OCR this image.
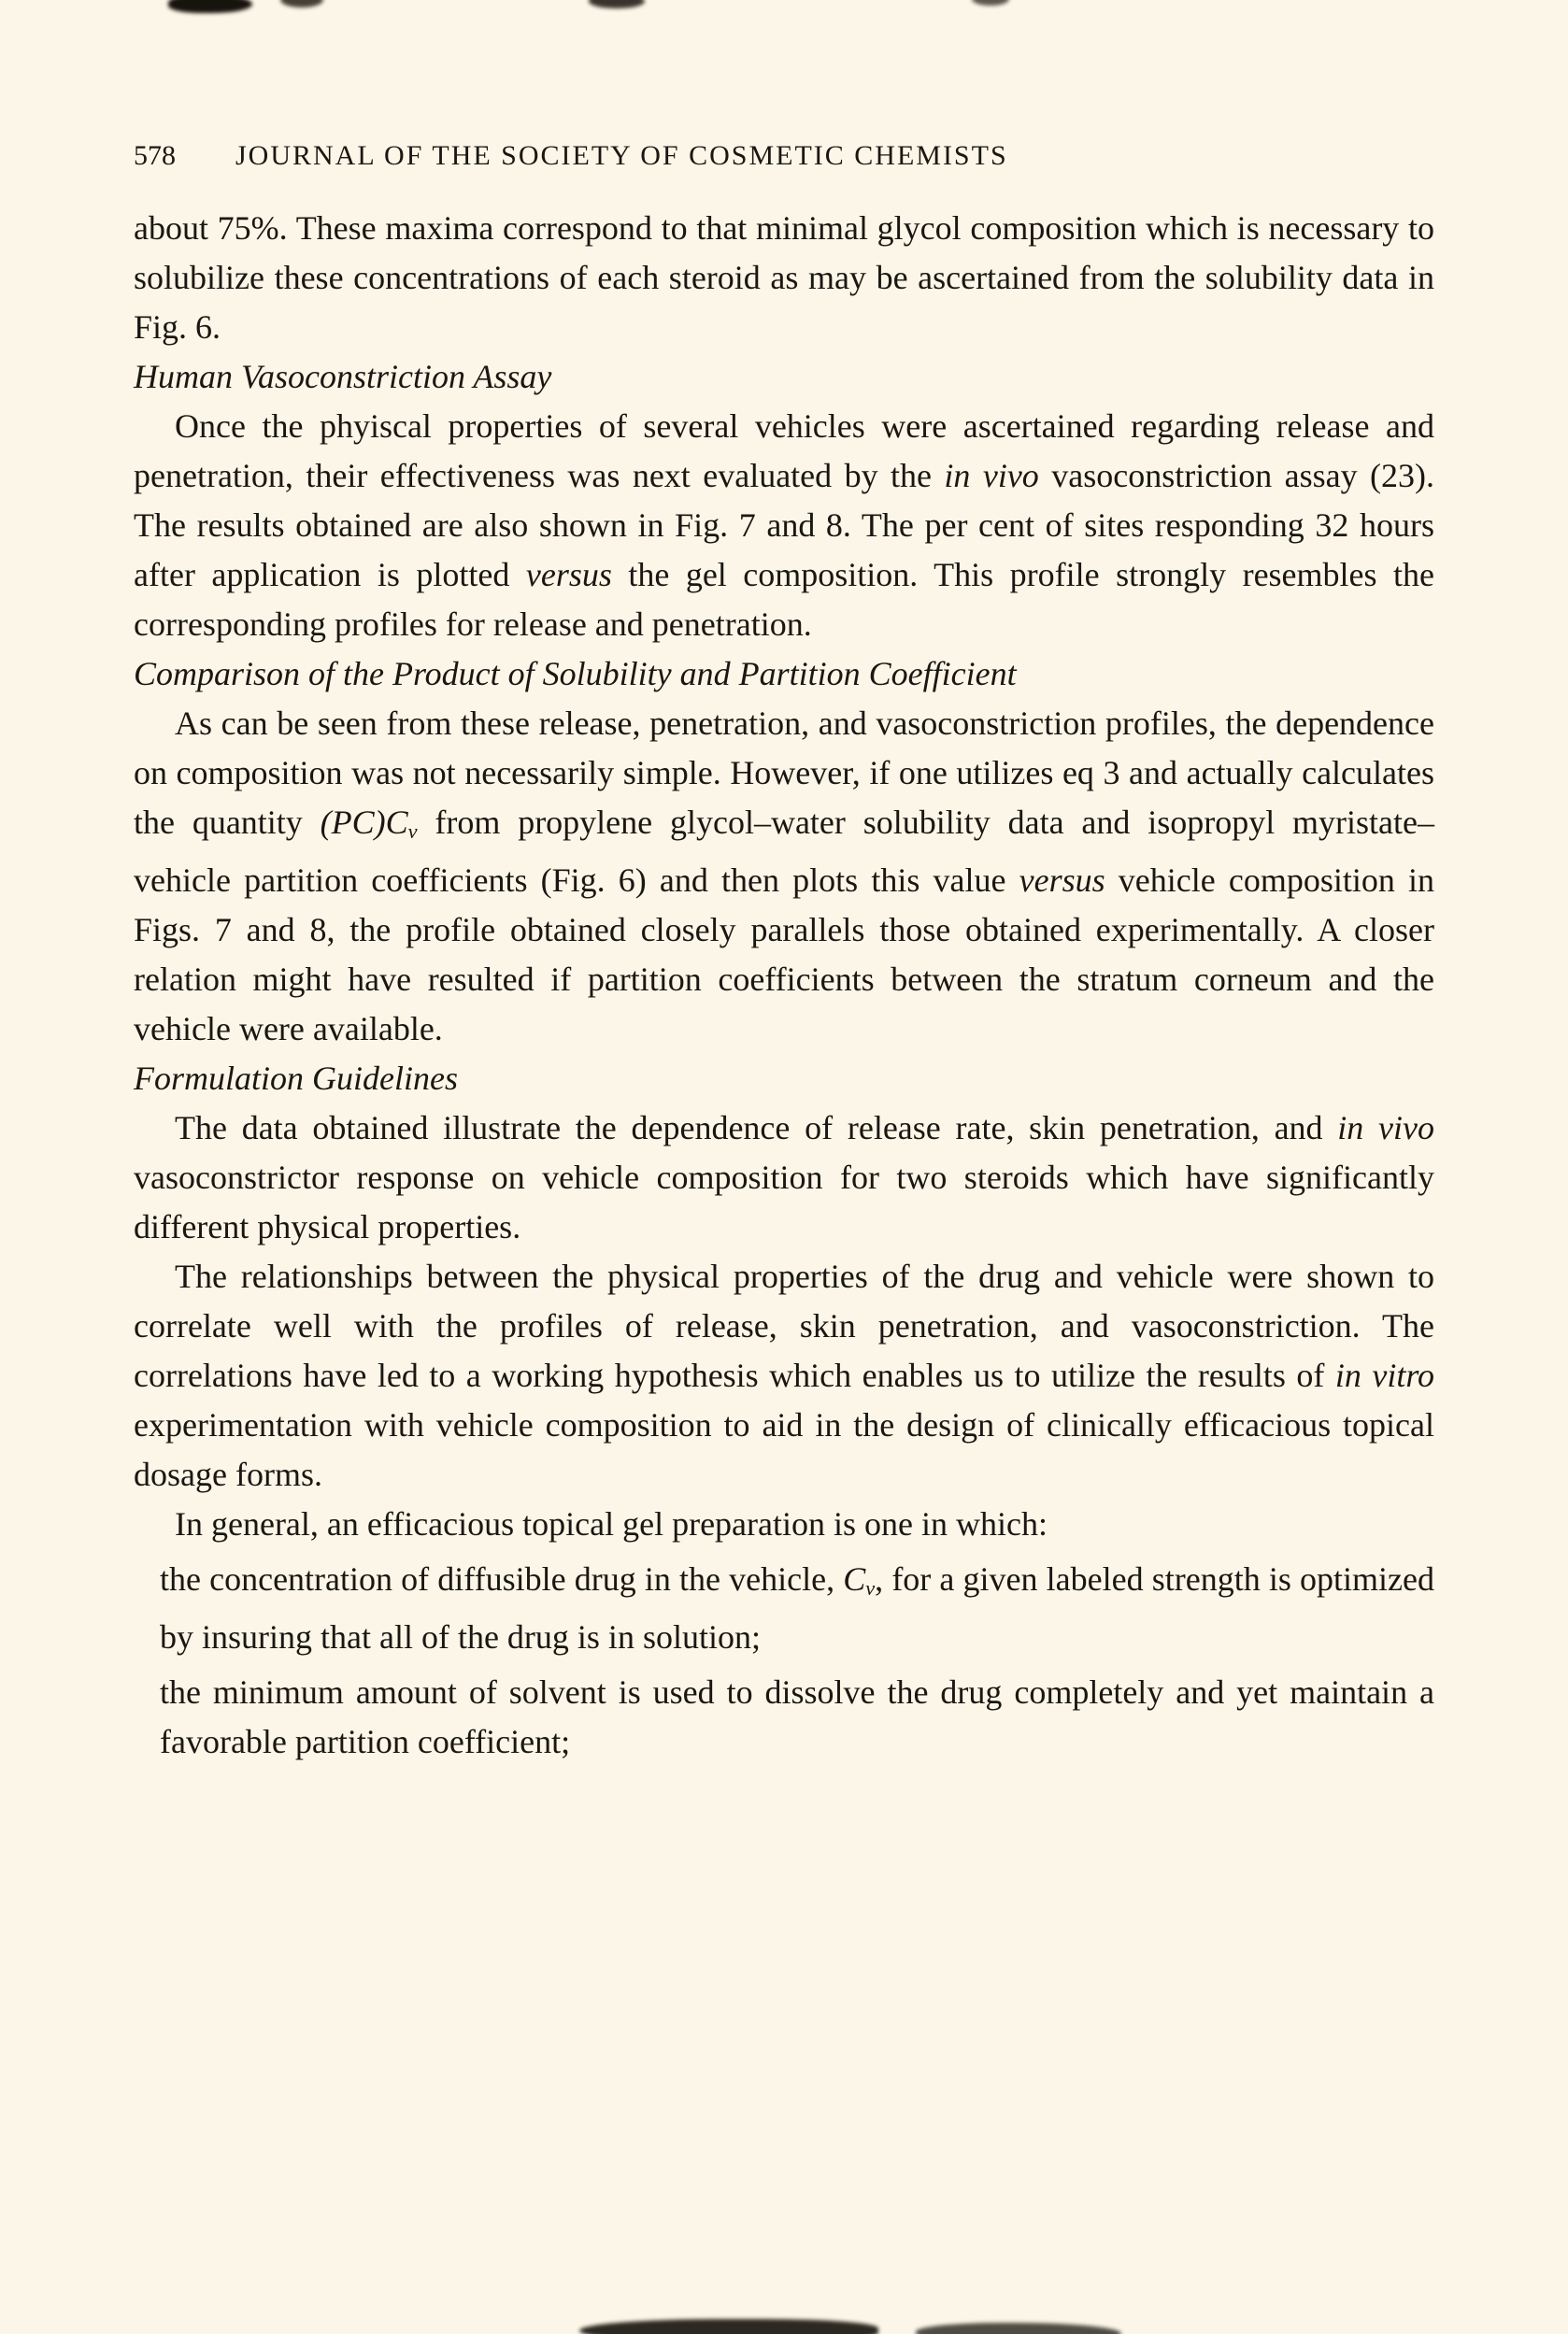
578 JOURNAL OF THE SOCIETY OF COSMETIC CHEMISTS

about 75%. These maxima correspond to that minimal glycol composition which is necessary to solubilize these concentrations of each steroid as may be ascertained from the solubility data in Fig. 6.

Human Vasoconstriction Assay

Once the phyiscal properties of several vehicles were ascertained regarding release and penetration, their effectiveness was next evaluated by the in vivo vasoconstriction assay (23). The results obtained are also shown in Fig. 7 and 8. The per cent of sites responding 32 hours after application is plotted versus the gel composition. This profile strongly resembles the corresponding profiles for release and penetration.

Comparison of the Product of Solubility and Partition Coefficient

As can be seen from these release, penetration, and vasoconstriction profiles, the dependence on composition was not necessarily simple. However, if one utilizes eq 3 and actually calculates the quantity $(PC)C_v$ from propylene glycol–water solubility data and isopropyl myristate–vehicle partition coefficients (Fig. 6) and then plots this value versus vehicle composition in Figs. 7 and 8, the profile obtained closely parallels those obtained experimentally. A closer relation might have resulted if partition coefficients between the stratum corneum and the vehicle were available.

Formulation Guidelines

The data obtained illustrate the dependence of release rate, skin penetration, and in vivo vasoconstrictor response on vehicle composition for two steroids which have significantly different physical properties.

The relationships between the physical properties of the drug and vehicle were shown to correlate well with the profiles of release, skin penetration, and vasoconstriction. The correlations have led to a working hypothesis which enables us to utilize the results of in vitro experimentation with vehicle composition to aid in the design of clinically efficacious topical dosage forms.

In general, an efficacious topical gel preparation is one in which:

the concentration of diffusible drug in the vehicle, $C_v$, for a given labeled strength is optimized by insuring that all of the drug is in solution;

the minimum amount of solvent is used to dissolve the drug completely and yet maintain a favorable partition coefficient;
